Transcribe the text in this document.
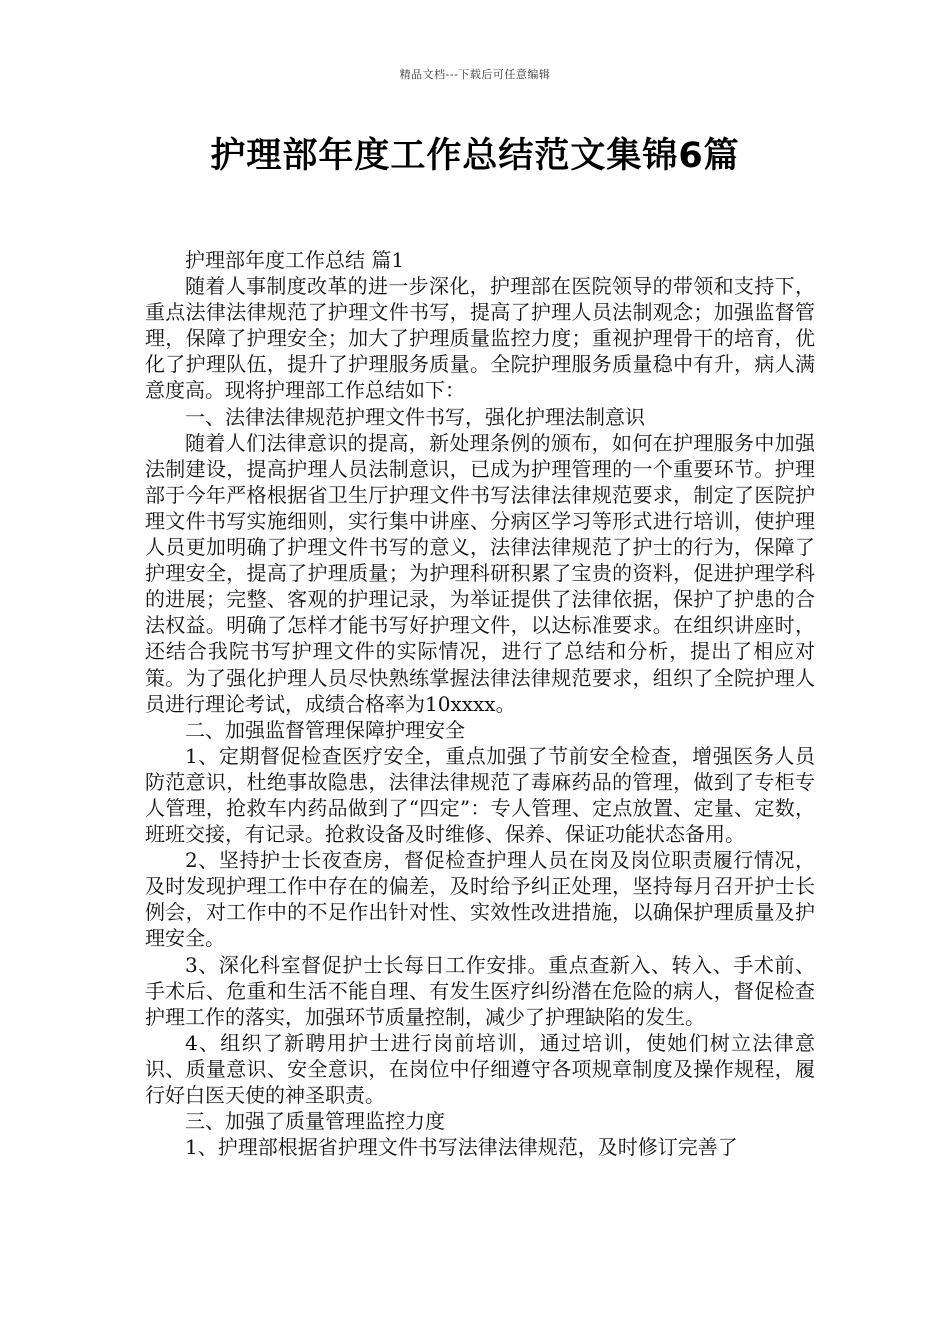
精品文档---下载后可任意编辑
护理部年度工作总结范文集锦6篇

护理部年度工作总结 篇1

随着人事制度改革的进一步深化，护理部在医院领导的带领和支持下，重点法律法律规范了护理文件书写，提高了护理人员法制观念；加强监督管理，保障了护理安全；加大了护理质量监控力度；重视护理骨干的培育，优化了护理队伍，提升了护理服务质量。全院护理服务质量稳中有升，病人满意度高。现将护理部工作总结如下：

一、法律法律规范护理文件书写，强化护理法制意识

随着人们法律意识的提高，新处理条例的颁布，如何在护理服务中加强法制建设，提高护理人员法制意识，已成为护理管理的一个重要环节。护理部于今年严格根据省卫生厅护理文件书写法律法律规范要求，制定了医院护理文件书写实施细则，实行集中讲座、分病区学习等形式进行培训，使护理人员更加明确了护理文件书写的意义，法律法律规范了护士的行为，保障了护理安全，提高了护理质量；为护理科研积累了宝贵的资料，促进护理学科的进展；完整、客观的护理记录，为举证提供了法律依据，保护了护患的合法权益。明确了怎样才能书写好护理文件，以达标准要求。在组织讲座时，还结合我院书写护理文件的实际情况，进行了总结和分析，提出了相应对策。为了强化护理人员尽快熟练掌握法律法律规范要求，组织了全院护理人员进行理论考试，成绩合格率为10xxxx。

二、加强监督管理保障护理安全

1、定期督促检查医疗安全，重点加强了节前安全检查，增强医务人员防范意识，杜绝事故隐患，法律法律规范了毒麻药品的管理，做到了专柜专人管理，抢救车内药品做到了“四定”：专人管理、定点放置、定量、定数，班班交接，有记录。抢救设备及时维修、保养、保证功能状态备用。

2、坚持护士长夜查房，督促检查护理人员在岗及岗位职责履行情况，及时发现护理工作中存在的偏差，及时给予纠正处理，坚持每月召开护士长例会，对工作中的不足作出针对性、实效性改进措施，以确保护理质量及护理安全。

3、深化科室督促护士长每日工作安排。重点查新入、转入、手术前、手术后、危重和生活不能自理、有发生医疗纠纷潜在危险的病人，督促检查护理工作的落实，加强环节质量控制，减少了护理缺陷的发生。

4、组织了新聘用护士进行岗前培训，通过培训，使她们树立法律意识、质量意识、安全意识，在岗位中仔细遵守各项规章制度及操作规程，履行好白医天使的神圣职责。

三、加强了质量管理监控力度

1、护理部根据省护理文件书写法律法律规范，及时修订完善了
